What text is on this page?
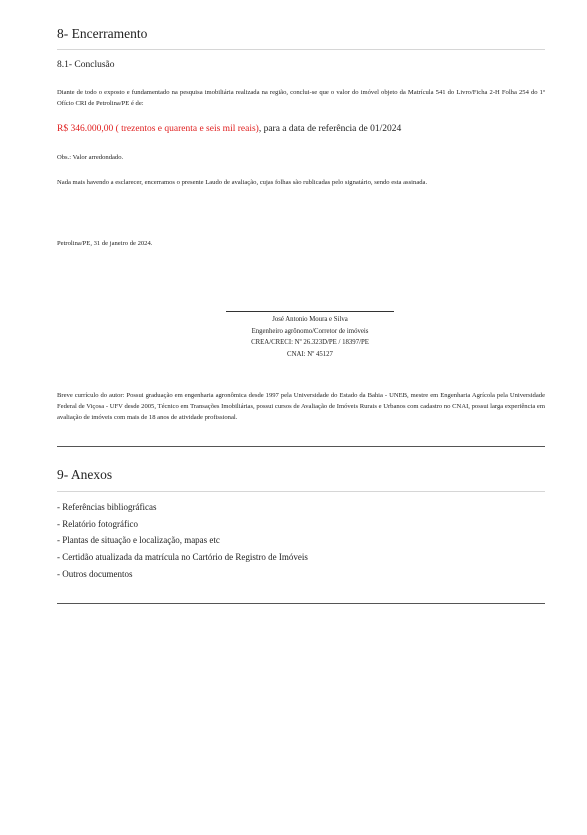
8- Encerramento
8.1- Conclusão
Diante de todo o exposto e fundamentado na pesquisa imobiliária realizada na região, conclui-se que o valor do imóvel objeto da Matrícula 541 do Livro/Ficha 2-H Folha 254 do 1º Ofício CRI de Petrolina/PE é de:
R$ 346.000,00 ( trezentos e quarenta e seis mil reais), para a data de referência de 01/2024
Obs.: Valor arredondado.
Nada mais havendo a esclarecer, encerramos o presente Laudo de avaliação, cujas folhas são rublicadas pelo signatário, sendo esta assinada.
Petrolina/PE, 31 de janeiro de 2024.
José Antonio Moura e Silva
Engenheiro agrônomo/Corretor de imóveis
CREA/CRECI: Nº 26.323D/PE / 18397/PE
CNAI: Nº 45127
Breve currículo do autor: Possui graduação em engenharia agronômica desde 1997 pela Universidade do Estado da Bahia - UNEB, mestre em Engenharia Agrícola pela Universidade Federal de Viçosa - UFV desde 2005, Técnico em Transações Imobiliárias, possui cursos de Avaliação de Imóveis Rurais e Urbanos com cadastro no CNAI, possui larga experiência em avaliação de imóveis com mais de 18 anos de atividade profissional.
9- Anexos
- Referências bibliográficas
- Relatório fotográfico
- Plantas de situação e localização, mapas etc
- Certidão atualizada da matrícula no Cartório de Registro de Imóveis
- Outros documentos
